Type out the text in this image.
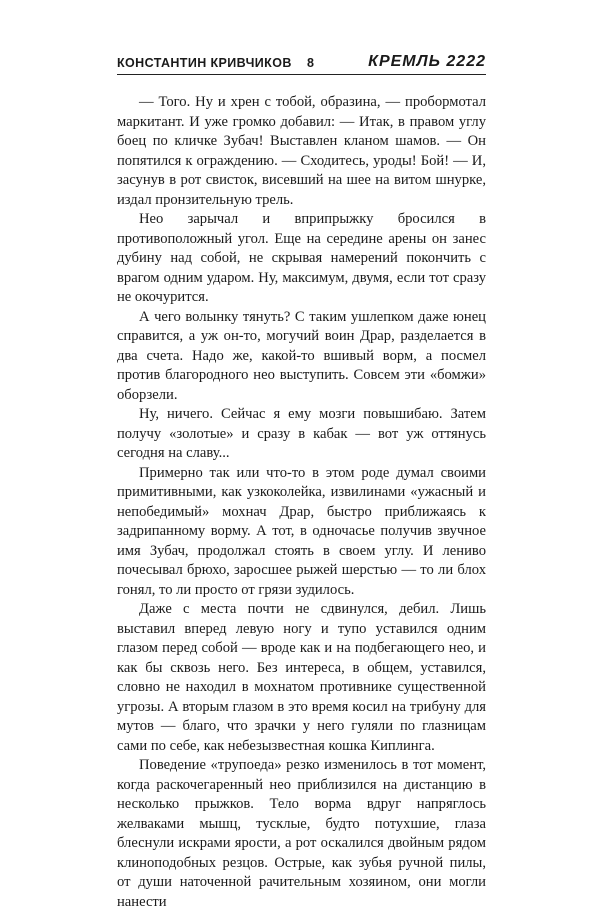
КОНСТАНТИН КРИВЧИКОВ 8	КРЕМЛЬ 2222

— Того. Ну и хрен с тобой, образина, — пробормотал маркитант. И уже громко добавил: — Итак, в правом углу боец по кличке Зубач! Выставлен кланом шамов. — Он попятился к ограждению. — Сходитесь, уроды! Бой! — И, засунув в рот свисток, висевший на шее на витом шнурке, издал пронзительную трель.

Нео зарычал и вприпрыжку бросился в противоположный угол. Еще на середине арены он занес дубину над собой, не скрывая намерений покончить с врагом одним ударом. Ну, максимум, двумя, если тот сразу не окочурится.

А чего волынку тянуть? С таким ушлепком даже юнец справится, а уж он-то, могучий воин Драр, разделается в два счета. Надо же, какой-то вшивый ворм, а посмел против благородного нео выступить. Совсем эти «бомжи» оборзели.

Ну, ничего. Сейчас я ему мозги повышибаю. Затем получу «золотые» и сразу в кабак — вот уж оттянусь сегодня на славу...

Примерно так или что-то в этом роде думал своими примитивными, как узкоколейка, извилинами «ужасный и непобедимый» мохнач Драр, быстро приближаясь к задрипанному ворму. А тот, в одночасье получив звучное имя Зубач, продолжал стоять в своем углу. И лениво почесывал брюхо, заросшее рыжей шерстью — то ли блох гонял, то ли просто от грязи зудилось.

Даже с места почти не сдвинулся, дебил. Лишь выставил вперед левую ногу и тупо уставился одним глазом перед собой — вроде как и на подбегающего нео, и как бы сквозь него. Без интереса, в общем, уставился, словно не находил в мохнатом противнике существенной угрозы. А вторым глазом в это время косил на трибуну для мутов — благо, что зрачки у него гуляли по глазницам сами по себе, как небезызвестная кошка Киплинга.

Поведение «трупоеда» резко изменилось в тот момент, когда раскочегаренный нео приблизился на дистанцию в несколько прыжков. Тело ворма вдруг напряглось желваками мышц, тусклые, будто потухшие, глаза блеснули искрами ярости, а рот оскалился двойным рядом клиноподобных резцов. Острые, как зубья ручной пилы, от души наточенной рачительным хозяином, они могли нанести
